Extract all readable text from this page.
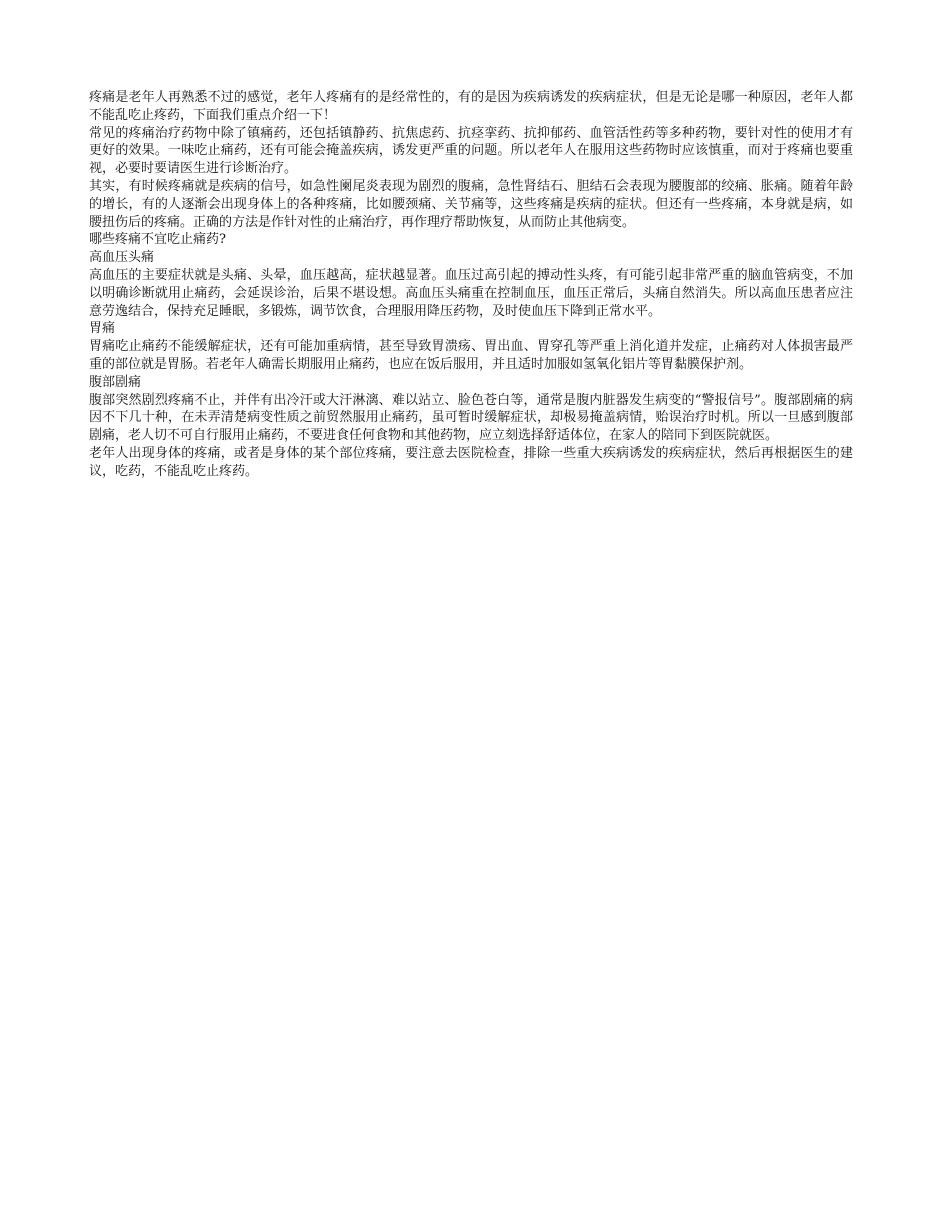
疼痛是老年人再熟悉不过的感觉，老年人疼痛有的是经常性的，有的是因为疾病诱发的疾病症状，但是无论是哪一种原因，老年人都不能乱吃止疼药，下面我们重点介绍一下！

常见的疼痛治疗药物中除了镇痛药，还包括镇静药、抗焦虑药、抗痉挛药、抗抑郁药、血管活性药等多种药物，要针对性的使用才有更好的效果。一味吃止痛药，还有可能会掩盖疾病，诱发更严重的问题。所以老年人在服用这些药物时应该慎重，而对于疼痛也要重视，必要时要请医生进行诊断治疗。

其实，有时候疼痛就是疾病的信号，如急性阑尾炎表现为剧烈的腹痛，急性肾结石、胆结石会表现为腰腹部的绞痛、胀痛。随着年龄的增长，有的人逐渐会出现身体上的各种疼痛，比如腰颈痛、关节痛等，这些疼痛是疾病的症状。但还有一些疼痛，本身就是病，如腰扭伤后的疼痛。正确的方法是作针对性的止痛治疗，再作理疗帮助恢复，从而防止其他病变。

哪些疼痛不宜吃止痛药?

高血压头痛

高血压的主要症状就是头痛、头晕，血压越高，症状越显著。血压过高引起的搏动性头疼，有可能引起非常严重的脑血管病变，不加以明确诊断就用止痛药，会延误诊治，后果不堪设想。高血压头痛重在控制血压，血压正常后，头痛自然消失。所以高血压患者应注意劳逸结合，保持充足睡眠，多锻炼，调节饮食，合理服用降压药物，及时使血压下降到正常水平。

胃痛

胃痛吃止痛药不能缓解症状，还有可能加重病情，甚至导致胃溃疡、胃出血、胃穿孔等严重上消化道并发症，止痛药对人体损害最严重的部位就是胃肠。若老年人确需长期服用止痛药，也应在饭后服用，并且适时加服如氢氧化铝片等胃黏膜保护剂。

腹部剧痛

腹部突然剧烈疼痛不止，并伴有出冷汗或大汗淋漓、难以站立、脸色苍白等，通常是腹内脏器发生病变的“警报信号”。腹部剧痛的病因不下几十种，在未弄清楚病变性质之前贸然服用止痛药，虽可暂时缓解症状，却极易掩盖病情，贻误治疗时机。所以一旦感到腹部剧痛，老人切不可自行服用止痛药，不要进食任何食物和其他药物，应立刻选择舒适体位，在家人的陪同下到医院就医。

老年人出现身体的疼痛，或者是身体的某个部位疼痛，要注意去医院检查，排除一些重大疾病诱发的疾病症状，然后再根据医生的建议，吃药，不能乱吃止疼药。
